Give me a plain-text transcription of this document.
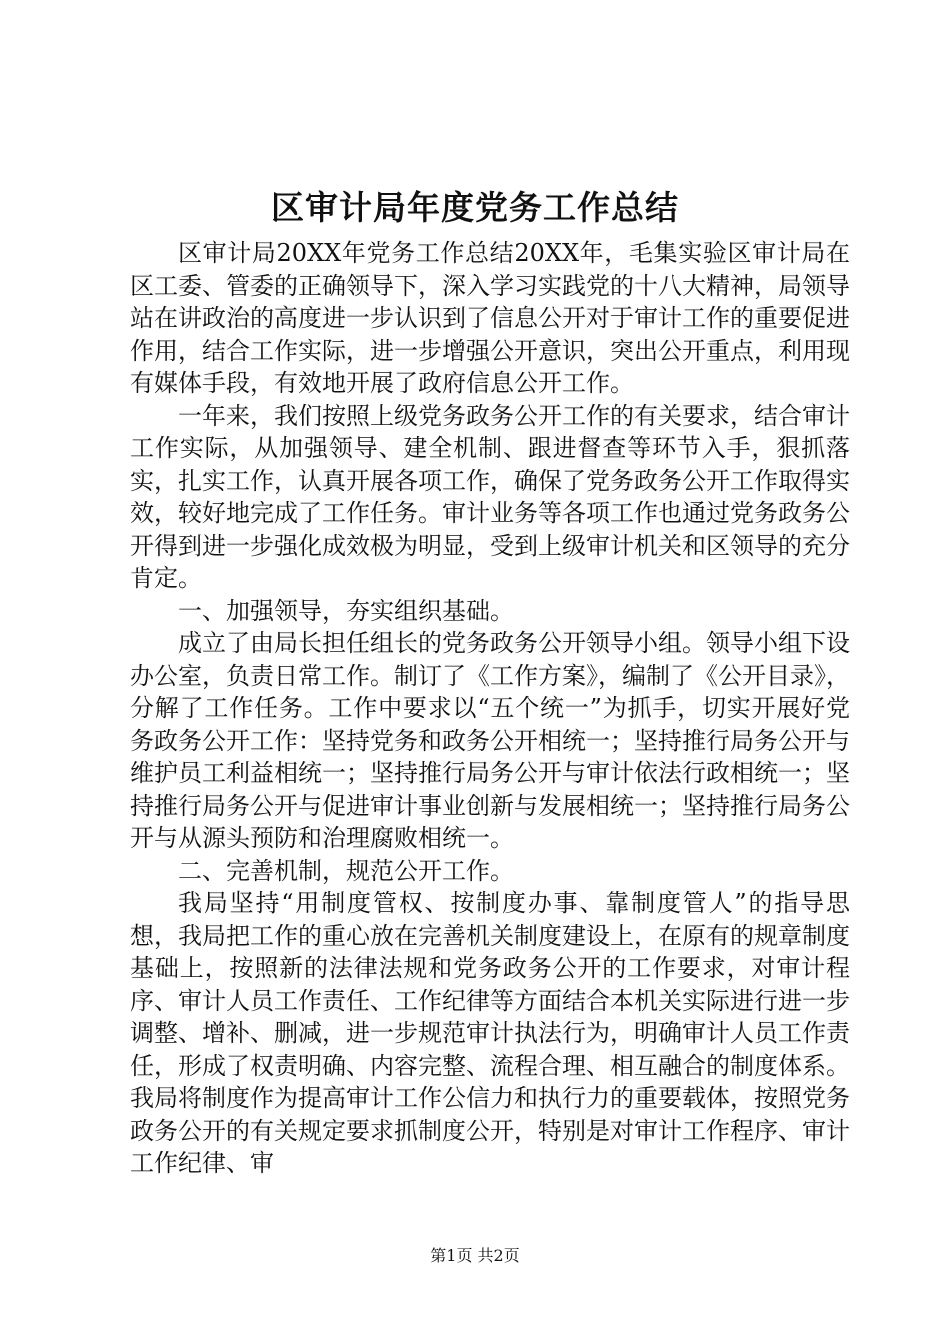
区审计局年度党务工作总结

区审计局20XX年党务工作总结20XX年，毛集实验区审计局在区工委、管委的正确领导下，深入学习实践党的十八大精神，局领导站在讲政治的高度进一步认识到了信息公开对于审计工作的重要促进作用，结合工作实际，进一步增强公开意识，突出公开重点，利用现有媒体手段，有效地开展了政府信息公开工作。

一年来，我们按照上级党务政务公开工作的有关要求，结合审计工作实际，从加强领导、建全机制、跟进督查等环节入手，狠抓落实，扎实工作，认真开展各项工作，确保了党务政务公开工作取得实效，较好地完成了工作任务。审计业务等各项工作也通过党务政务公开得到进一步强化成效极为明显，受到上级审计机关和区领导的充分肯定。

一、加强领导，夯实组织基础。

成立了由局长担任组长的党务政务公开领导小组。领导小组下设办公室，负责日常工作。制订了《工作方案》，编制了《公开目录》，分解了工作任务。工作中要求以“五个统一”为抓手，切实开展好党务政务公开工作：坚持党务和政务公开相统一；坚持推行局务公开与维护员工利益相统一；坚持推行局务公开与审计依法行政相统一；坚持推行局务公开与促进审计事业创新与发展相统一；坚持推行局务公开与从源头预防和治理腐败相统一。

二、完善机制，规范公开工作。

我局坚持“用制度管权、按制度办事、靠制度管人”的指导思想，我局把工作的重心放在完善机关制度建设上，在原有的规章制度基础上，按照新的法律法规和党务政务公开的工作要求，对审计程序、审计人员工作责任、工作纪律等方面结合本机关实际进行进一步调整、增补、删减，进一步规范审计执法行为，明确审计人员工作责任，形成了权责明确、内容完整、流程合理、相互融合的制度体系。我局将制度作为提高审计工作公信力和执行力的重要载体，按照党务政务公开的有关规定要求抓制度公开，特别是对审计工作程序、审计工作纪律、审

第1页 共2页
